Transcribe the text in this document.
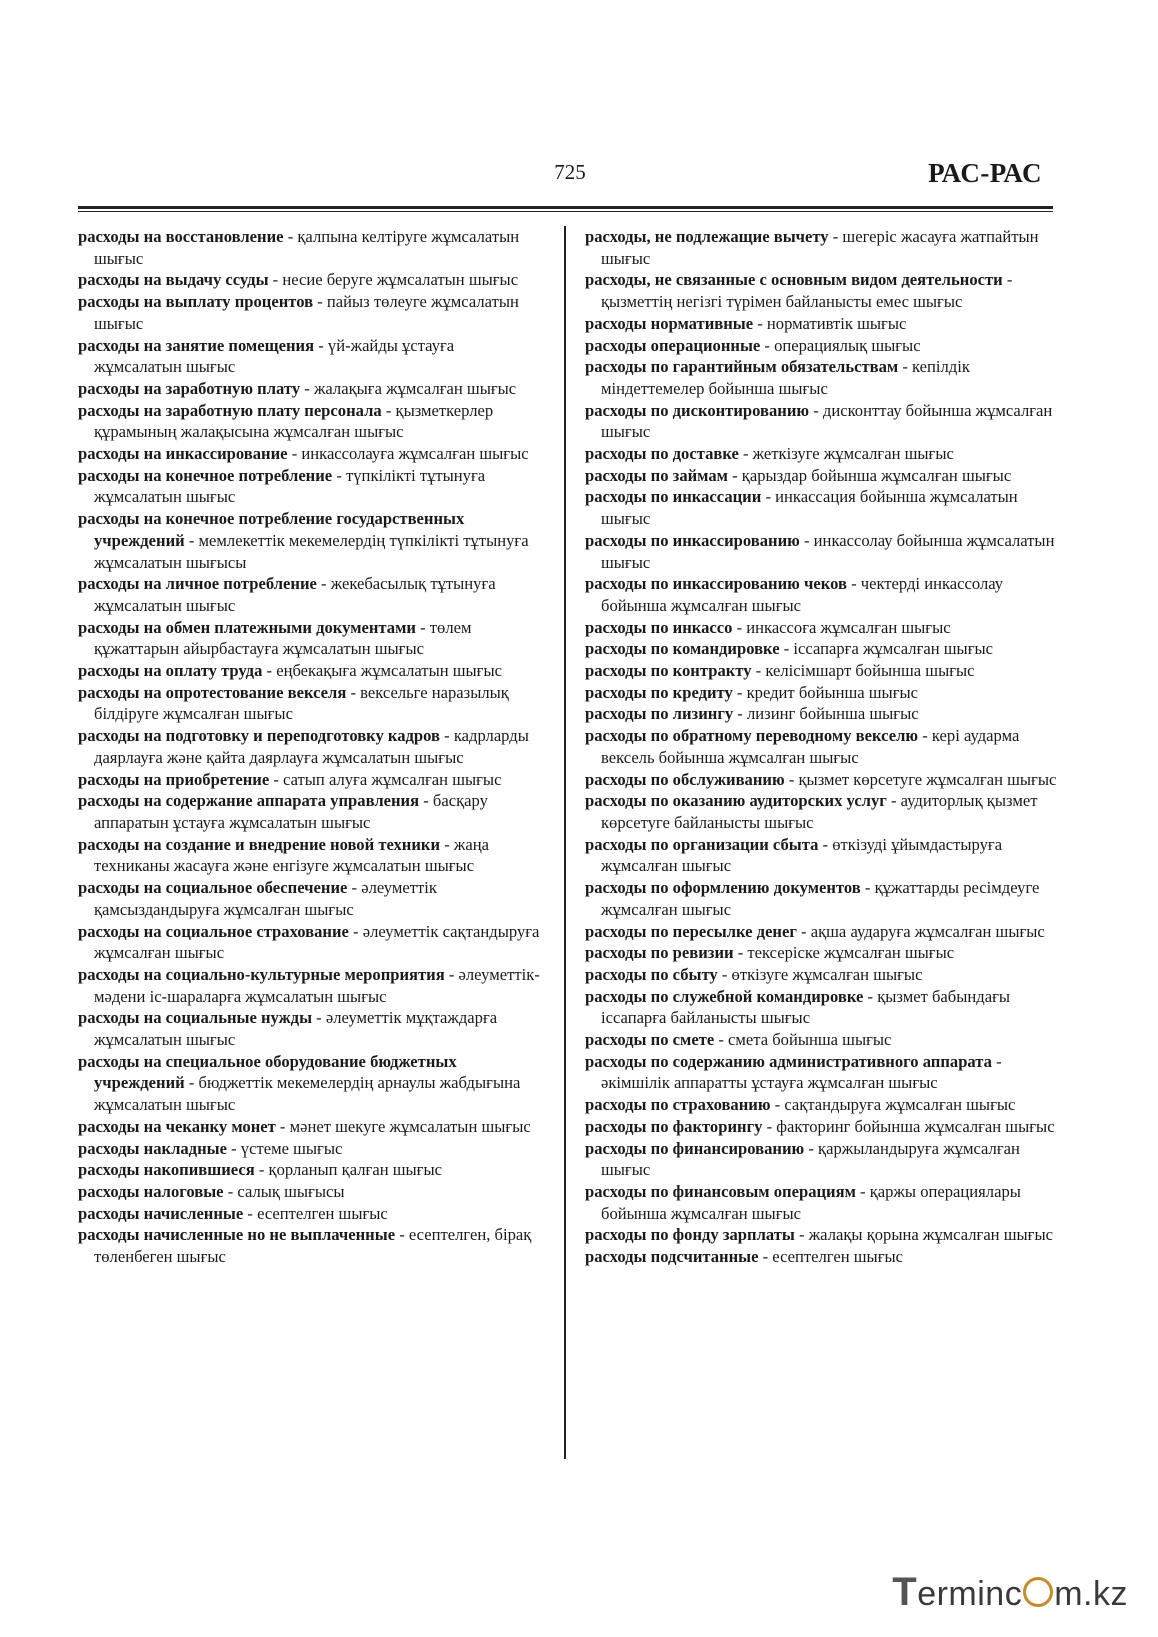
725	РАС-РАС
расходы на восстановление - қалпына келтіруге жұмсалатын шығыс
расходы на выдачу ссуды - несие беруге жұмсалатын шығыс
расходы на выплату процентов - пайыз төлеуге жұмсалатын шығыс
расходы на занятие помещения - үй-жайды ұстауға жұмсалатын шығыс
расходы на заработную плату - жалақыға жұмсалған шығыс
расходы на заработную плату персонала - қызметкерлер құрамының жалақысына жұмсалған шығыс
расходы на инкассирование - инкассолауға жұмсалған шығыс
расходы на конечное потребление - түпкілікті тұтынуға жұмсалатын шығыс
расходы на конечное потребление государственных учреждений - мемлекеттік мекемелердің түпкілікті тұтынуға жұмсалатын шығысы
расходы на личное потребление - жекебасылық тұтынуға жұмсалатын шығыс
расходы на обмен платежными документами - төлем құжаттарын айырбастауға жұмсалатын шығыс
расходы на оплату труда - еңбекақыға жұмсалатын шығыс
расходы на опротестование векселя - вексельге наразылық білдіруге жұмсалған шығыс
расходы на подготовку и переподготовку кадров - кадрларды даярлауға және қайта даярлауға жұмсалатын шығыс
расходы на приобретение - сатып алуға жұмсалған шығыс
расходы на содержание аппарата управления - басқару аппаратын ұстауға жұмсалатын шығыс
расходы на создание и внедрение новой техники - жаңа техниканы жасауға және енгізуге жұмсалатын шығыс
расходы на социальное обеспечение - әлеуметтік қамсыздандыруға жұмсалған шығыс
расходы на социальное страхование - әлеуметтік сақтандыруға жұмсалған шығыс
расходы на социально-культурные мероприятия - әлеуметтік-мәдени іс-шараларға жұмсалатын шығыс
расходы на социальные нужды - әлеуметтік мұқтаждарға жұмсалатын шығыс
расходы на специальное оборудование бюджетных учреждений - бюджеттік мекемелердің арнаулы жабдығына жұмсалатын шығыс
расходы на чеканку монет - мәнет шекуге жұмсалатын шығыс
расходы накладные - үстеме шығыс
расходы накопившиеся - қорланып қалған шығыс
расходы налоговые - салық шығысы
расходы начисленные - есептелген шығыс
расходы начисленные но не выплаченные - есептелген, бірақ төленбеген шығыс
расходы, не подлежащие вычету - шегеріс жасауға жатпайтын шығыс
расходы, не связанные с основным видом деятельности - қызметтің негізгі түрімен байланысты емес шығыс
расходы нормативные - нормативтік шығыс
расходы операционные - операциялық шығыс
расходы по гарантийным обязательствам - кепілдік міндеттемелер бойынша шығыс
расходы по дисконтированию - дисконттау бойынша жұмсалған шығыс
расходы по доставке - жеткізуге жұмсалған шығыс
расходы по займам - қарыздар бойынша жұмсалған шығыс
расходы по инкассации - инкассация бойынша жұмсалатын шығыс
расходы по инкассированию - инкассолау бойынша жұмсалатын шығыс
расходы по инкассированию чеков - чектерді инкассолау бойынша жұмсалған шығыс
расходы по инкассо - инкассоға жұмсалған шығыс
расходы по командировке - іссапарға жұмсалған шығыс
расходы по контракту - келісімшарт бойынша шығыс
расходы по кредиту - кредит бойынша шығыс
расходы по лизингу - лизинг бойынша шығыс
расходы по обратному переводному векселю - кері аударма вексель бойынша жұмсалған шығыс
расходы по обслуживанию - қызмет көрсетуге жұмсалған шығыс
расходы по оказанию аудиторских услуг - аудиторлық қызмет көрсетуге байланысты шығыс
расходы по организации сбыта - өткізуді ұйымдастыруға жұмсалған шығыс
расходы по оформлению документов - құжаттарды ресімдеуге жұмсалған шығыс
расходы по пересылке денег - ақша аударуға жұмсалған шығыс
расходы по ревизии - тексеріске жұмсалған шығыс
расходы по сбыту - өткізуге жұмсалған шығыс
расходы по служебной командировке - қызмет бабындағы іссапарға байланысты шығыс
расходы по смете - смета бойынша шығыс
расходы по содержанию административного аппарата - әкімшілік аппаратты ұстауға жұмсалған шығыс
расходы по страхованию - сақтандыруға жұмсалған шығыс
расходы по факторингу - факторинг бойынша жұмсалған шығыс
расходы по финансированию - қаржыландыруға жұмсалған шығыс
расходы по финансовым операциям - қаржы операциялары бойынша жұмсалған шығыс
расходы по фонду зарплаты - жалақы қорына жұмсалған шығыс
расходы подсчитанные - есептелген шығыс
Terminc m.kz
